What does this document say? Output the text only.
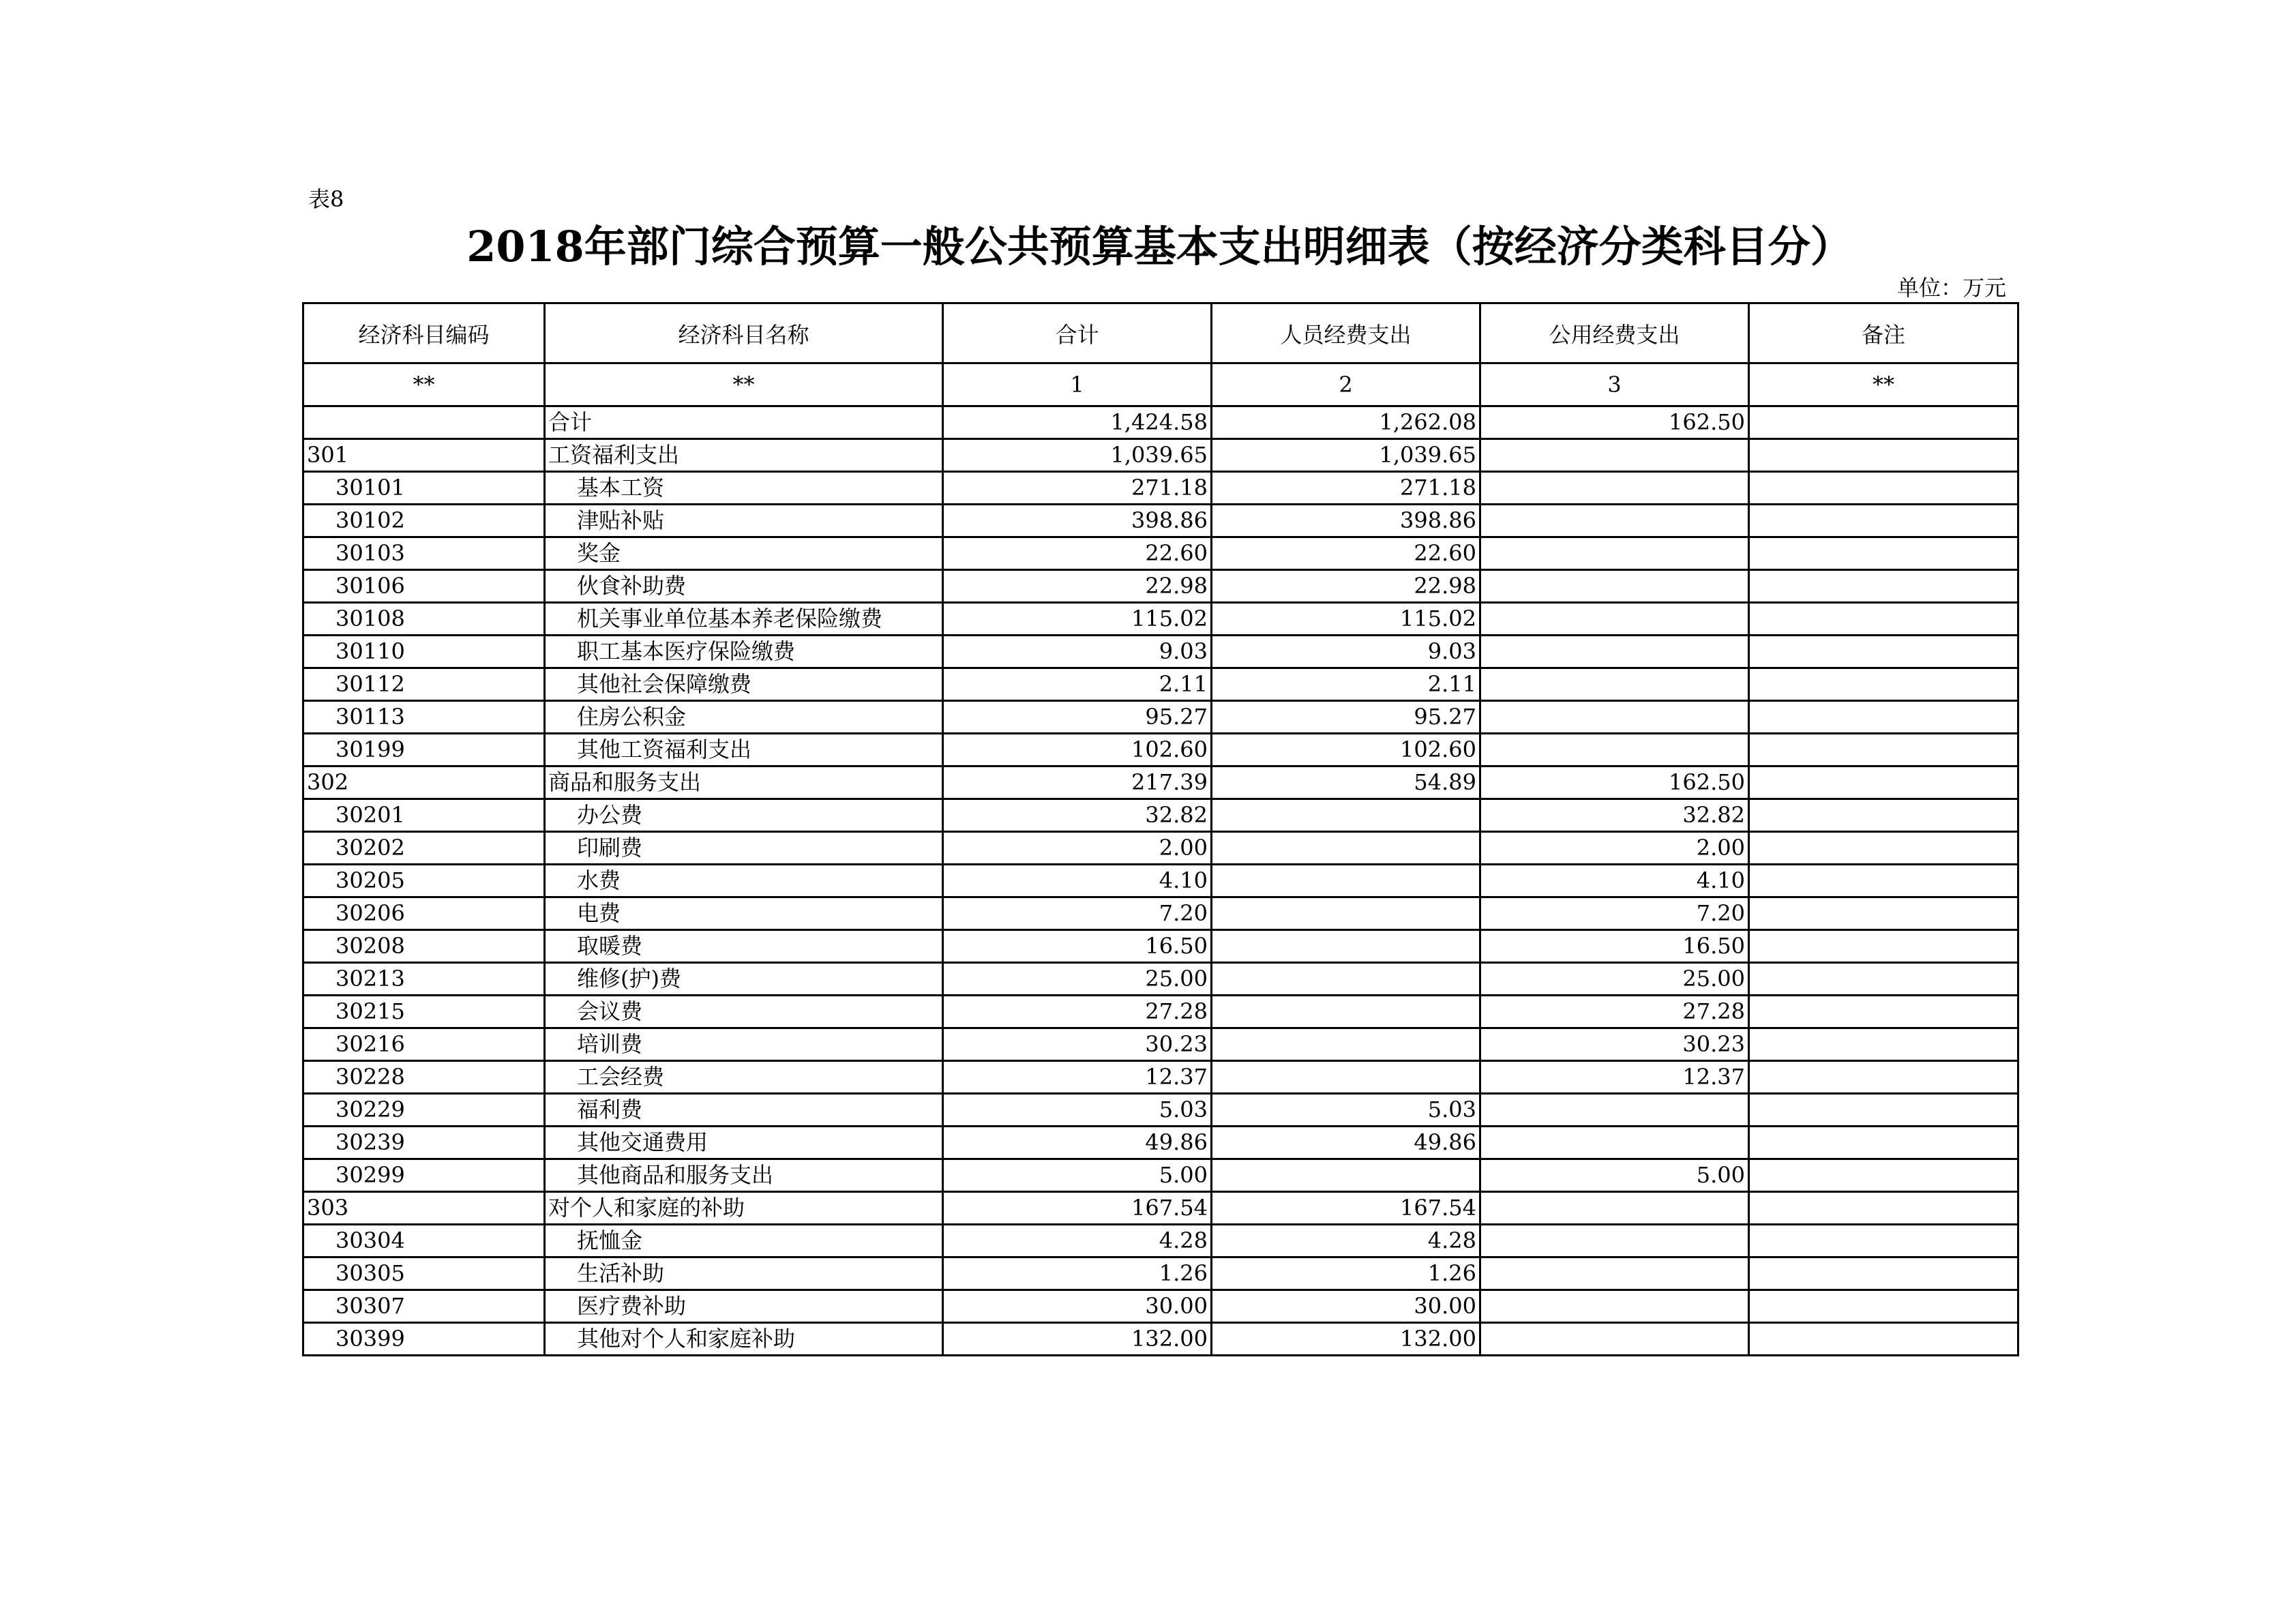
表8
2018年部门综合预算一般公共预算基本支出明细表（按经济分类科目分）
单位：万元
经济科目编码	经济科目名称	合计	人员经费支出	公用经费支出	备注
**	**	1	2	3	**
	合计	1,424.58	1,262.08	162.50	
301	工资福利支出	1,039.65	1,039.65		
30101	基本工资	271.18	271.18		
30102	津贴补贴	398.86	398.86		
30103	奖金	22.60	22.60		
30106	伙食补助费	22.98	22.98		
30108	机关事业单位基本养老保险缴费	115.02	115.02		
30110	职工基本医疗保险缴费	9.03	9.03		
30112	其他社会保障缴费	2.11	2.11		
30113	住房公积金	95.27	95.27		
30199	其他工资福利支出	102.60	102.60		
302	商品和服务支出	217.39	54.89	162.50	
30201	办公费	32.82		32.82	
30202	印刷费	2.00		2.00	
30205	水费	4.10		4.10	
30206	电费	7.20		7.20	
30208	取暖费	16.50		16.50	
30213	维修(护)费	25.00		25.00	
30215	会议费	27.28		27.28	
30216	培训费	30.23		30.23	
30228	工会经费	12.37		12.37	
30229	福利费	5.03	5.03		
30239	其他交通费用	49.86	49.86		
30299	其他商品和服务支出	5.00		5.00	
303	对个人和家庭的补助	167.54	167.54		
30304	抚恤金	4.28	4.28		
30305	生活补助	1.26	1.26		
30307	医疗费补助	30.00	30.00		
30399	其他对个人和家庭补助	132.00	132.00		
